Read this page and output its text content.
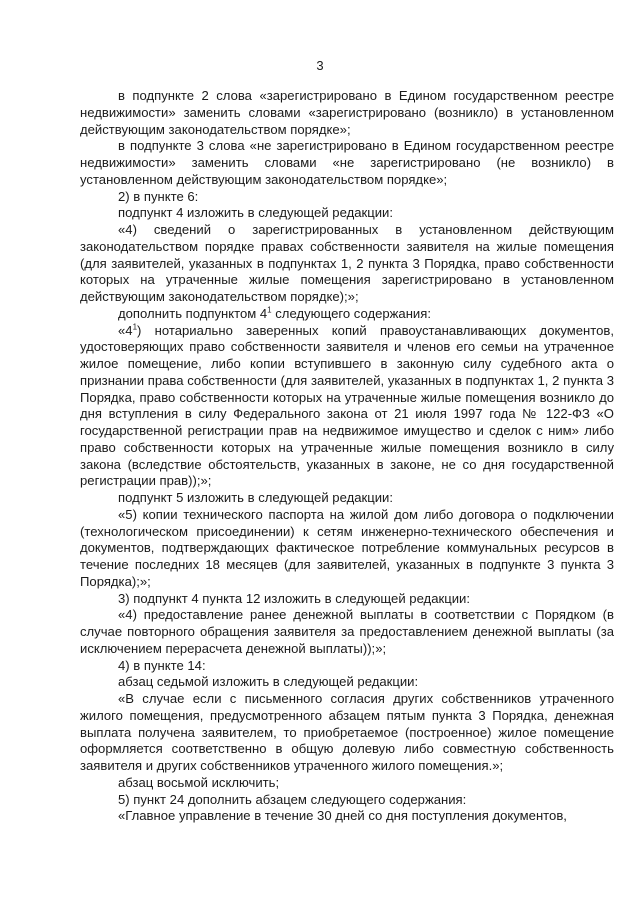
3

в подпункте 2 слова «зарегистрировано в Едином государственном реестре недвижимости» заменить словами «зарегистрировано (возникло) в установленном действующим законодательством порядке»;

в подпункте 3 слова «не зарегистрировано в Едином государственном реестре недвижимости» заменить словами «не зарегистрировано (не возникло) в установленном действующим законодательством порядке»;

2) в пункте 6:

подпункт 4 изложить в следующей редакции:

«4) сведений о зарегистрированных в установленном действующим законодательством порядке правах собственности заявителя на жилые помещения (для заявителей, указанных в подпунктах 1, 2 пункта 3 Порядка, право собственности которых на утраченные жилые помещения зарегистрировано в установленном действующим законодательством порядке);»;

дополнить подпунктом $4^1$ следующего содержания:

«$4^1$) нотариально заверенных копий правоустанавливающих документов, удостоверяющих право собственности заявителя и членов его семьи на утраченное жилое помещение, либо копии вступившего в законную силу судебного акта о признании права собственности (для заявителей, указанных в подпунктах 1, 2 пункта 3 Порядка, право собственности которых на утраченные жилые помещения возникло до дня вступления в силу Федерального закона от 21 июля 1997 года № 122-ФЗ «О государственной регистрации прав на недвижимое имущество и сделок с ним» либо право собственности которых на утраченные жилые помещения возникло в силу закона (вследствие обстоятельств, указанных в законе, не со дня государственной регистрации прав));»;

подпункт 5 изложить в следующей редакции:

«5) копии технического паспорта на жилой дом либо договора о подключении (технологическом присоединении) к сетям инженерно-технического обеспечения и документов, подтверждающих фактическое потребление коммунальных ресурсов в течение последних 18 месяцев (для заявителей, указанных в подпункте 3 пункта 3 Порядка);»;

3) подпункт 4 пункта 12 изложить в следующей редакции:

«4) предоставление ранее денежной выплаты в соответствии с Порядком (в случае повторного обращения заявителя за предоставлением денежной выплаты (за исключением перерасчета денежной выплаты));»;

4) в пункте 14:

абзац седьмой изложить в следующей редакции:

«В случае если с письменного согласия других собственников утраченного жилого помещения, предусмотренного абзацем пятым пункта 3 Порядка, денежная выплата получена заявителем, то приобретаемое (построенное) жилое помещение оформляется соответственно в общую долевую либо совместную собственность заявителя и других собственников утраченного жилого помещения.»;

абзац восьмой исключить;

5) пункт 24 дополнить абзацем следующего содержания:

«Главное управление в течение 30 дней со дня поступления документов,
